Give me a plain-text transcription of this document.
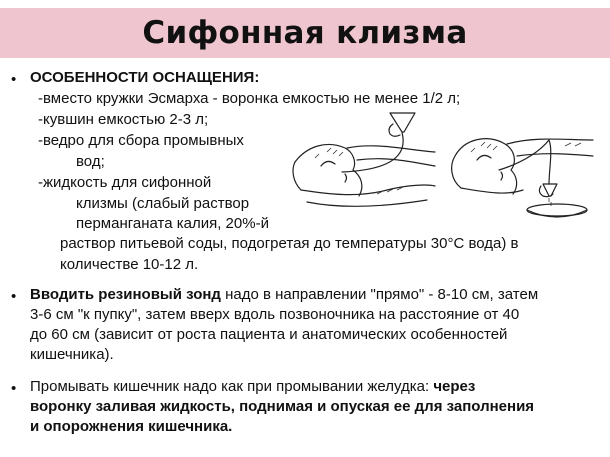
Сифонная клизма
• ОСОБЕННОСТИ ОСНАЩЕНИЯ:
-вместо кружки Эсмарха - воронка емкостью не менее 1/2 л;
-кувшин емкостью 2-3 л;
-ведро для сбора промывных
вод;
-жидкость для сифонной
клизмы (слабый раствор
перманганата калия, 20%-й
раствор питьевой соды, подогретая до температуры 30°С вода) в
количестве 10-12 л.
• Вводить резиновый зонд надо в направлении "прямо" - 8-10 см, затем
3-6 см "к пупку", затем вверх вдоль позвоночника на расстояние от 40
до 60 см (зависит от роста пациента и анатомических особенностей
кишечника).
• Промывать кишечник надо как при промывании желудка: через
воронку заливая жидкость, поднимая и опуская ее для заполнения
и опорожнения кишечника.
